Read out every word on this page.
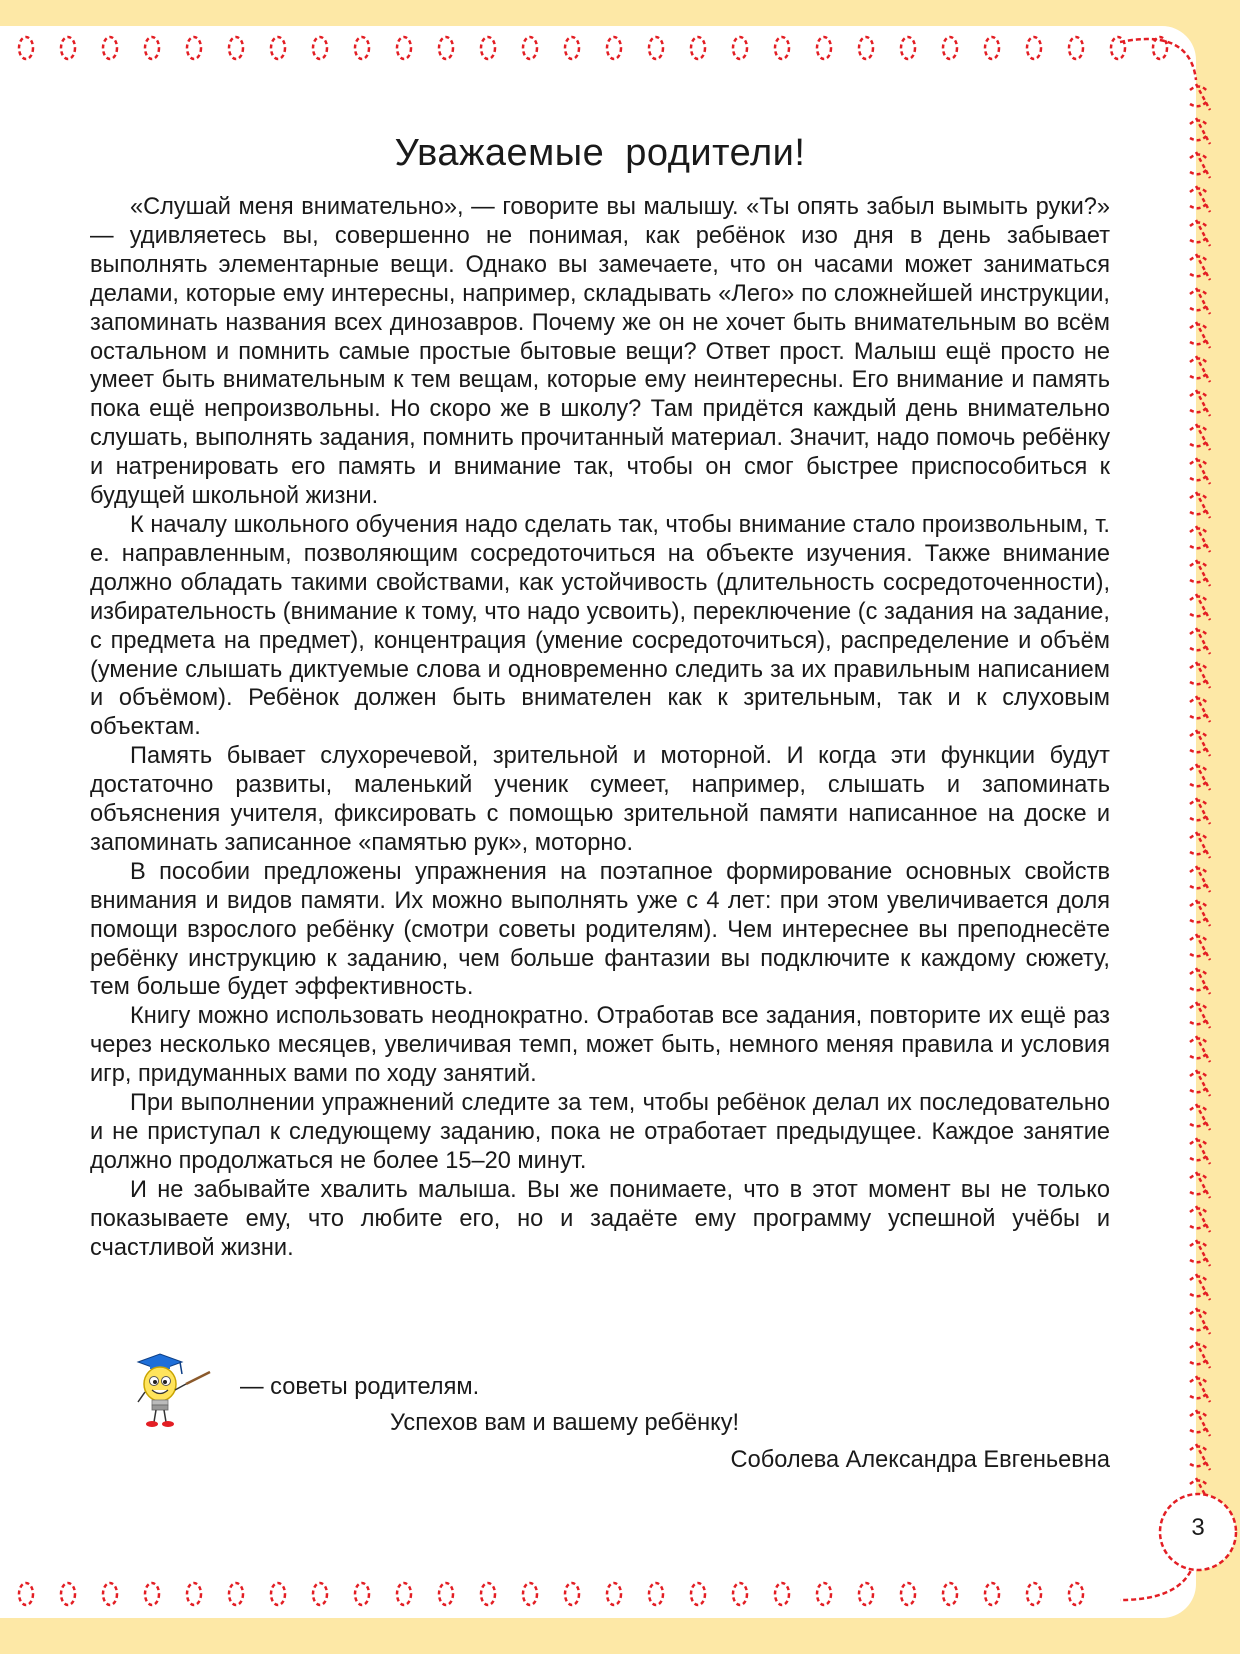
Уважаемые родители!

«Слушай меня внимательно», — говорите вы малышу. «Ты опять забыл вымыть руки?» — удивляетесь вы, совершенно не понимая, как ребёнок изо дня в день забывает выполнять элементарные вещи. Однако вы замечаете, что он часами может заниматься делами, которые ему интересны, например, складывать «Лего» по сложнейшей инструкции, запоминать названия всех динозавров. Почему же он не хочет быть внимательным во всём остальном и помнить самые простые бытовые вещи? Ответ прост. Малыш ещё просто не умеет быть внимательным к тем вещам, которые ему неинтересны. Его внимание и память пока ещё непроизвольны. Но скоро же в школу? Там придётся каждый день внимательно слушать, выполнять задания, помнить прочитанный материал. Значит, надо помочь ребёнку и натренировать его память и внимание так, чтобы он смог быстрее приспособиться к будущей школьной жизни.

К началу школьного обучения надо сделать так, чтобы внимание стало произвольным, т. е. направленным, позволяющим сосредоточиться на объекте изучения. Также внимание должно обладать такими свойствами, как устойчивость (длительность сосредоточенности), избирательность (внимание к тому, что надо усвоить), переключение (с задания на задание, с предмета на предмет), концентрация (умение сосредоточиться), распределение и объём (умение слышать диктуемые слова и одновременно следить за их правильным написанием и объёмом). Ребёнок должен быть внимателен как к зрительным, так и к слуховым объектам.

Память бывает слухоречевой, зрительной и моторной. И когда эти функции будут достаточно развиты, маленький ученик сумеет, например, слышать и запоминать объяснения учителя, фиксировать с помощью зрительной памяти написанное на доске и запоминать записанное «памятью рук», моторно.

В пособии предложены упражнения на поэтапное формирование основных свойств внимания и видов памяти. Их можно выполнять уже с 4 лет: при этом увеличивается доля помощи взрослого ребёнку (смотри советы родителям). Чем интереснее вы преподнесёте ребёнку инструкцию к заданию, чем больше фантазии вы подключите к каждому сюжету, тем больше будет эффективность.

Книгу можно использовать неоднократно. Отработав все задания, повторите их ещё раз через несколько месяцев, увеличивая темп, может быть, немного меняя правила и условия игр, придуманных вами по ходу занятий.

При выполнении упражнений следите за тем, чтобы ребёнок делал их последовательно и не приступал к следующему заданию, пока не отработает предыдущее. Каждое занятие должно продолжаться не более 15–20 минут.

И не забывайте хвалить малыша. Вы же понимаете, что в этот момент вы не только показываете ему, что любите его, но и задаёте ему программу успешной учёбы и счастливой жизни.

— советы родителям.
Успехов вам и вашему ребёнку!
Соболева Александра Евгеньевна
3
